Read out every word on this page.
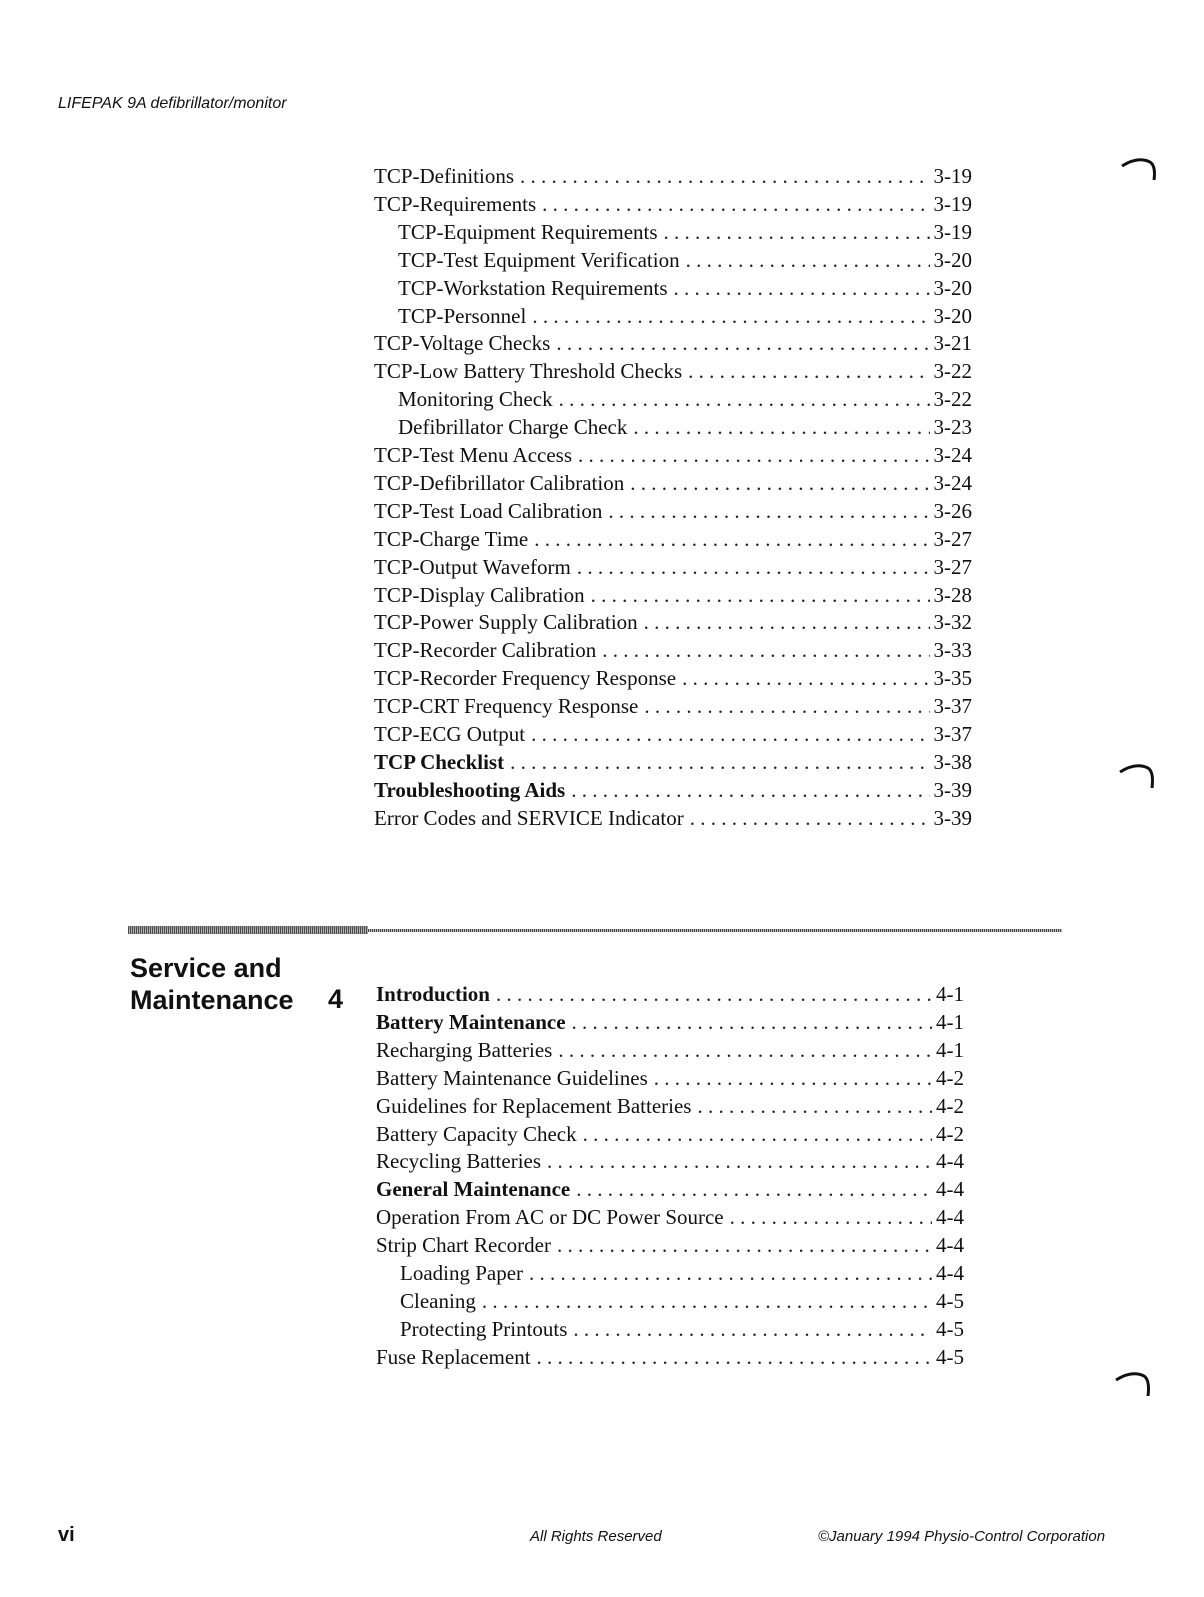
LIFEPAK 9A defibrillator/monitor
TCP-Definitions . . .	3-19
TCP-Requirements . . .	3-19
TCP-Equipment Requirements . . .	3-19
TCP-Test Equipment Verification . . .	3-20
TCP-Workstation Requirements . . .	3-20
TCP-Personnel . . .	3-20
TCP-Voltage Checks . . .	3-21
TCP-Low Battery Threshold Checks . . .	3-22
Monitoring Check . . .	3-22
Defibrillator Charge Check . . .	3-23
TCP-Test Menu Access . . .	3-24
TCP-Defibrillator Calibration . . .	3-24
TCP-Test Load Calibration . . .	3-26
TCP-Charge Time . . .	3-27
TCP-Output Waveform . . .	3-27
TCP-Display Calibration . . .	3-28
TCP-Power Supply Calibration . . .	3-32
TCP-Recorder Calibration . . .	3-33
TCP-Recorder Frequency Response . . .	3-35
TCP-CRT Frequency Response . . .	3-37
TCP-ECG Output . . .	3-37
TCP Checklist . . .	3-38
Troubleshooting Aids . . .	3-39
Error Codes and SERVICE Indicator . . .	3-39
Service and
Maintenance 4 Introduction . . .	4-1
Battery Maintenance . . .	4-1
Recharging Batteries . . .	4-1
Battery Maintenance Guidelines . . .	4-2
Guidelines for Replacement Batteries . . .	4-2
Battery Capacity Check . . .	4-2
Recycling Batteries . . .	4-4
General Maintenance . . .	4-4
Operation From AC or DC Power Source . . .	4-4
Strip Chart Recorder . . .	4-4
Loading Paper . . .	4-4
Cleaning . . .	4-5
Protecting Printouts . . .	4-5
Fuse Replacement . . .	4-5
vi	All Rights Reserved	©January 1994 Physio-Control Corporation
